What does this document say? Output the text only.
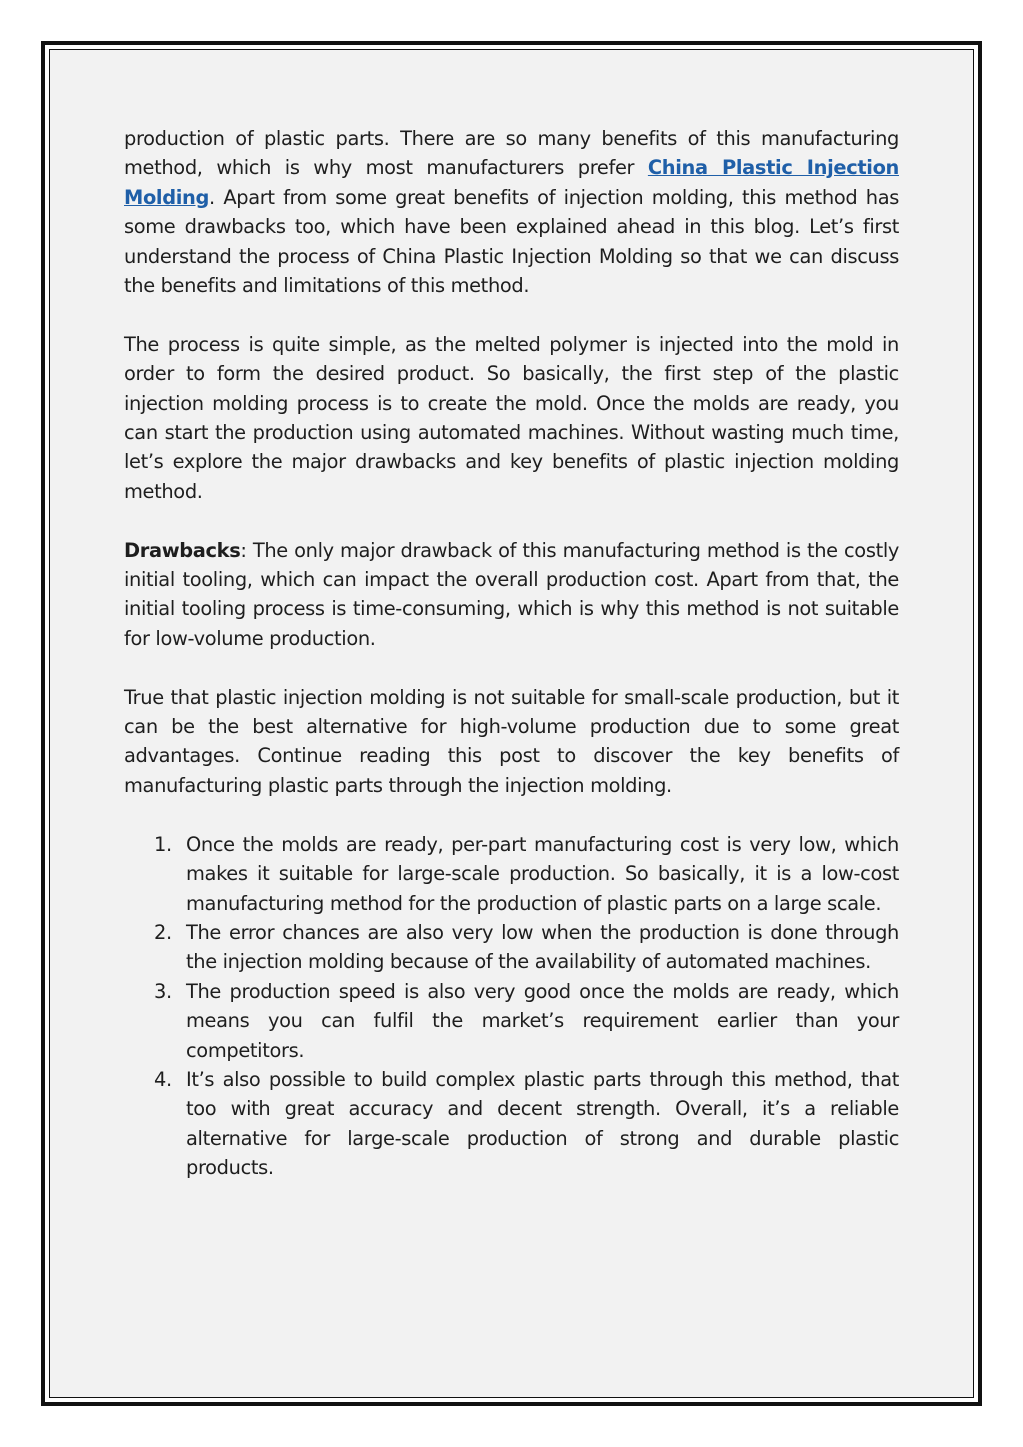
production of plastic parts. There are so many benefits of this manufacturing method, which is why most manufacturers prefer China Plastic Injection Molding. Apart from some great benefits of injection molding, this method has some drawbacks too, which have been explained ahead in this blog. Let’s first understand the process of China Plastic Injection Molding so that we can discuss the benefits and limitations of this method.

The process is quite simple, as the melted polymer is injected into the mold in order to form the desired product. So basically, the first step of the plastic injection molding process is to create the mold. Once the molds are ready, you can start the production using automated machines. Without wasting much time, let’s explore the major drawbacks and key benefits of plastic injection molding method.

Drawbacks: The only major drawback of this manufacturing method is the costly initial tooling, which can impact the overall production cost. Apart from that, the initial tooling process is time-consuming, which is why this method is not suitable for low-volume production.

True that plastic injection molding is not suitable for small-scale production, but it can be the best alternative for high-volume production due to some great advantages. Continue reading this post to discover the key benefits of manufacturing plastic parts through the injection molding.

1. Once the molds are ready, per-part manufacturing cost is very low, which makes it suitable for large-scale production. So basically, it is a low-cost manufacturing method for the production of plastic parts on a large scale.
2. The error chances are also very low when the production is done through the injection molding because of the availability of automated machines.
3. The production speed is also very good once the molds are ready, which means you can fulfil the market’s requirement earlier than your competitors.
4. It’s also possible to build complex plastic parts through this method, that too with great accuracy and decent strength. Overall, it’s a reliable alternative for large-scale production of strong and durable plastic products.
